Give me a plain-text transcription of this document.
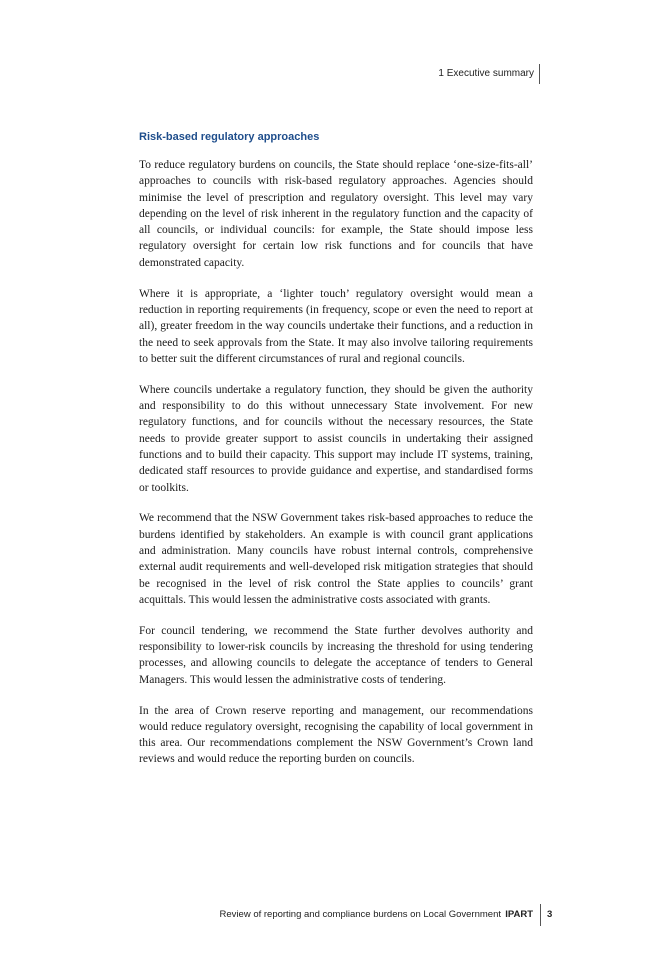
1 Executive summary
Risk-based regulatory approaches

To reduce regulatory burdens on councils, the State should replace ‘one-size-fits-all’ approaches to councils with risk-based regulatory approaches. Agencies should minimise the level of prescription and regulatory oversight. This level may vary depending on the level of risk inherent in the regulatory function and the capacity of all councils, or individual councils: for example, the State should impose less regulatory oversight for certain low risk functions and for councils that have demonstrated capacity.

Where it is appropriate, a ‘lighter touch’ regulatory oversight would mean a reduction in reporting requirements (in frequency, scope or even the need to report at all), greater freedom in the way councils undertake their functions, and a reduction in the need to seek approvals from the State. It may also involve tailoring requirements to better suit the different circumstances of rural and regional councils.

Where councils undertake a regulatory function, they should be given the authority and responsibility to do this without unnecessary State involvement. For new regulatory functions, and for councils without the necessary resources, the State needs to provide greater support to assist councils in undertaking their assigned functions and to build their capacity. This support may include IT systems, training, dedicated staff resources to provide guidance and expertise, and standardised forms or toolkits.

We recommend that the NSW Government takes risk-based approaches to reduce the burdens identified by stakeholders. An example is with council grant applications and administration. Many councils have robust internal controls, comprehensive external audit requirements and well-developed risk mitigation strategies that should be recognised in the level of risk control the State applies to councils’ grant acquittals. This would lessen the administrative costs associated with grants.

For council tendering, we recommend the State further devolves authority and responsibility to lower-risk councils by increasing the threshold for using tendering processes, and allowing councils to delegate the acceptance of tenders to General Managers. This would lessen the administrative costs of tendering.

In the area of Crown reserve reporting and management, our recommendations would reduce regulatory oversight, recognising the capability of local government in this area. Our recommendations complement the NSW Government’s Crown land reviews and would reduce the reporting burden on councils.

Review of reporting and compliance burdens on Local Government IPART 3
